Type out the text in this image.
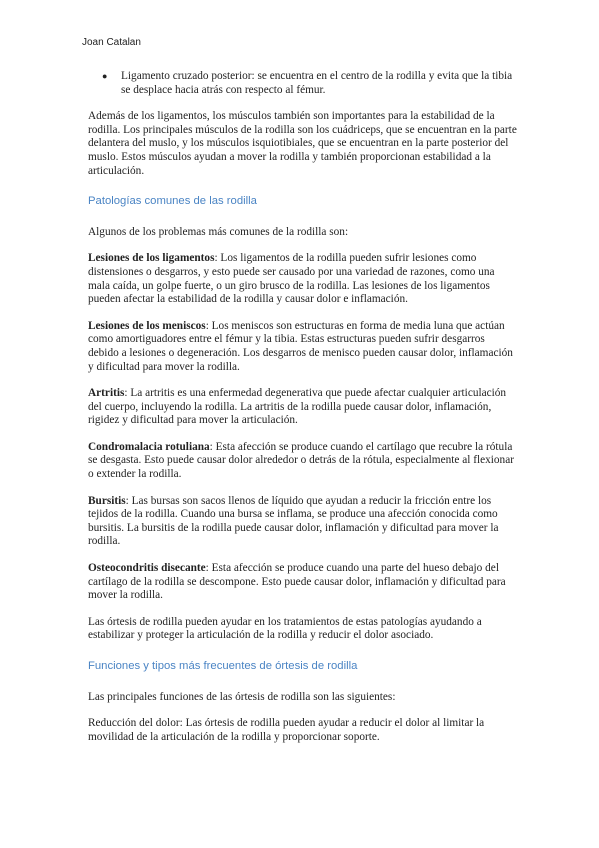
Joan Catalan
●	Ligamento cruzado posterior: se encuentra en el centro de la rodilla y evita que la tibia se desplace hacia atrás con respecto al fémur.

Además de los ligamentos, los músculos también son importantes para la estabilidad de la rodilla. Los principales músculos de la rodilla son los cuádriceps, que se encuentran en la parte delantera del muslo, y los músculos isquiotibiales, que se encuentran en la parte posterior del muslo. Estos músculos ayudan a mover la rodilla y también proporcionan estabilidad a la articulación.

Patologías comunes de las rodilla

Algunos de los problemas más comunes de la rodilla son:

Lesiones de los ligamentos: Los ligamentos de la rodilla pueden sufrir lesiones como distensiones o desgarros, y esto puede ser causado por una variedad de razones, como una mala caída, un golpe fuerte, o un giro brusco de la rodilla. Las lesiones de los ligamentos pueden afectar la estabilidad de la rodilla y causar dolor e inflamación.

Lesiones de los meniscos: Los meniscos son estructuras en forma de media luna que actúan como amortiguadores entre el fémur y la tibia. Estas estructuras pueden sufrir desgarros debido a lesiones o degeneración. Los desgarros de menisco pueden causar dolor, inflamación y dificultad para mover la rodilla.

Artritis: La artritis es una enfermedad degenerativa que puede afectar cualquier articulación del cuerpo, incluyendo la rodilla. La artritis de la rodilla puede causar dolor, inflamación, rigidez y dificultad para mover la articulación.

Condromalacia rotuliana: Esta afección se produce cuando el cartílago que recubre la rótula se desgasta. Esto puede causar dolor alrededor o detrás de la rótula, especialmente al flexionar o extender la rodilla.

Bursitis: Las bursas son sacos llenos de líquido que ayudan a reducir la fricción entre los tejidos de la rodilla. Cuando una bursa se inflama, se produce una afección conocida como bursitis. La bursitis de la rodilla puede causar dolor, inflamación y dificultad para mover la rodilla.

Osteocondritis disecante: Esta afección se produce cuando una parte del hueso debajo del cartílago de la rodilla se descompone. Esto puede causar dolor, inflamación y dificultad para mover la rodilla.

Las órtesis de rodilla pueden ayudar en los tratamientos de estas patologías ayudando a estabilizar y proteger la articulación de la rodilla y reducir el dolor asociado.

Funciones y tipos más frecuentes de órtesis de rodilla

Las principales funciones de las órtesis de rodilla son las siguientes:

Reducción del dolor: Las órtesis de rodilla pueden ayudar a reducir el dolor al limitar la movilidad de la articulación de la rodilla y proporcionar soporte.
